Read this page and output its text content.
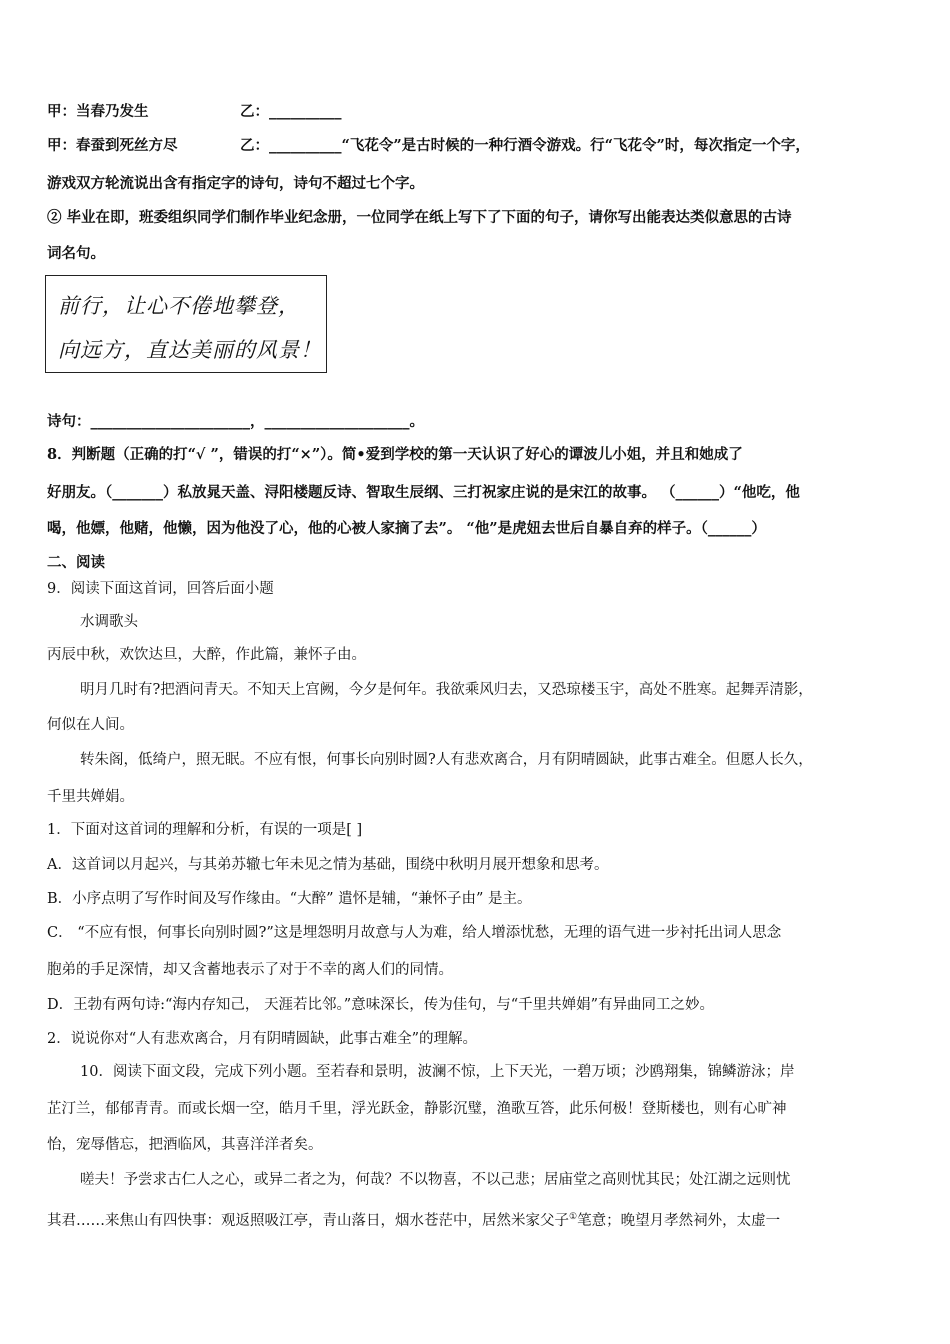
甲：当春乃发生	乙：__________
甲：春蚕到死丝方尽	乙：__________“飞花令”是古时候的一种行酒令游戏。行“飞花令”时，每次指定一个字，
游戏双方轮流说出含有指定字的诗句，诗句不超过七个字。
② 毕业在即，班委组织同学们制作毕业纪念册，一位同学在纸上写下了下面的句子，请你写出能表达类似意思的古诗
词名句。
前行，让心不倦地攀登，
向远方，直达美丽的风景！
诗句：______________________，____________________。
8．判断题（正确的打“√ ”，错误的打“×”）。简•爱到学校的第一天认识了好心的谭波儿小姐，并且和她成了
好朋友。（_______）私放晁天盖、浔阳楼题反诗、智取生辰纲、三打祝家庄说的是宋江的故事。 （______）“他吃，他
喝，他嫖，他赌，他懒，因为他没了心，他的心被人家摘了去”。 “他”是虎妞去世后自暴自弃的样子。（______）
二、阅读
9．阅读下面这首词，回答后面小题
水调歌头
丙辰中秋，欢饮达旦，大醉，作此篇，兼怀子由。
明月几时有?把酒问青天。不知天上宫阙，今夕是何年。我欲乘风归去，又恐琼楼玉宇，高处不胜寒。起舞弄清影，
何似在人间。
转朱阁，低绮户，照无眠。不应有恨，何事长向别时圆?人有悲欢离合，月有阴晴圆缺，此事古难全。但愿人长久，
千里共婵娟。
1．下面对这首词的理解和分析，有误的一项是[ ]
A．这首词以月起兴，与其弟苏辙七年未见之情为基础，围绕中秋明月展开想象和思考。
B．小序点明了写作时间及写作缘由。“大醉” 遣怀是辅，“兼怀子由” 是主。
C． “不应有恨，何事长向别时圆?”这是埋怨明月故意与人为难，给人增添忧愁，无理的语气进一步衬托出词人思念
胞弟的手足深情，却又含蓄地表示了对于不幸的离人们的同情。
D．王勃有两句诗:“海内存知己， 天涯若比邻。”意味深长，传为佳句，与“千里共婵娟”有异曲同工之妙。
2．说说你对“人有悲欢离合，月有阴晴圆缺，此事古难全”的理解。
10．阅读下面文段，完成下列小题。至若春和景明，波澜不惊，上下天光，一碧万顷；沙鸥翔集，锦鳞游泳；岸
芷汀兰，郁郁青青。而或长烟一空，皓月千里，浮光跃金，静影沉璧，渔歌互答，此乐何极！登斯楼也，则有心旷神
怡，宠辱偕忘，把酒临风，其喜洋洋者矣。
嗟夫！予尝求古仁人之心，或异二者之为，何哉？不以物喜，不以己悲；居庙堂之高则忧其民；处江湖之远则忧
其君……来焦山有四快事：观返照吸江亭，青山落日，烟水苍茫中，居然米家父子①笔意；晚望月孝然祠外，太虚一
